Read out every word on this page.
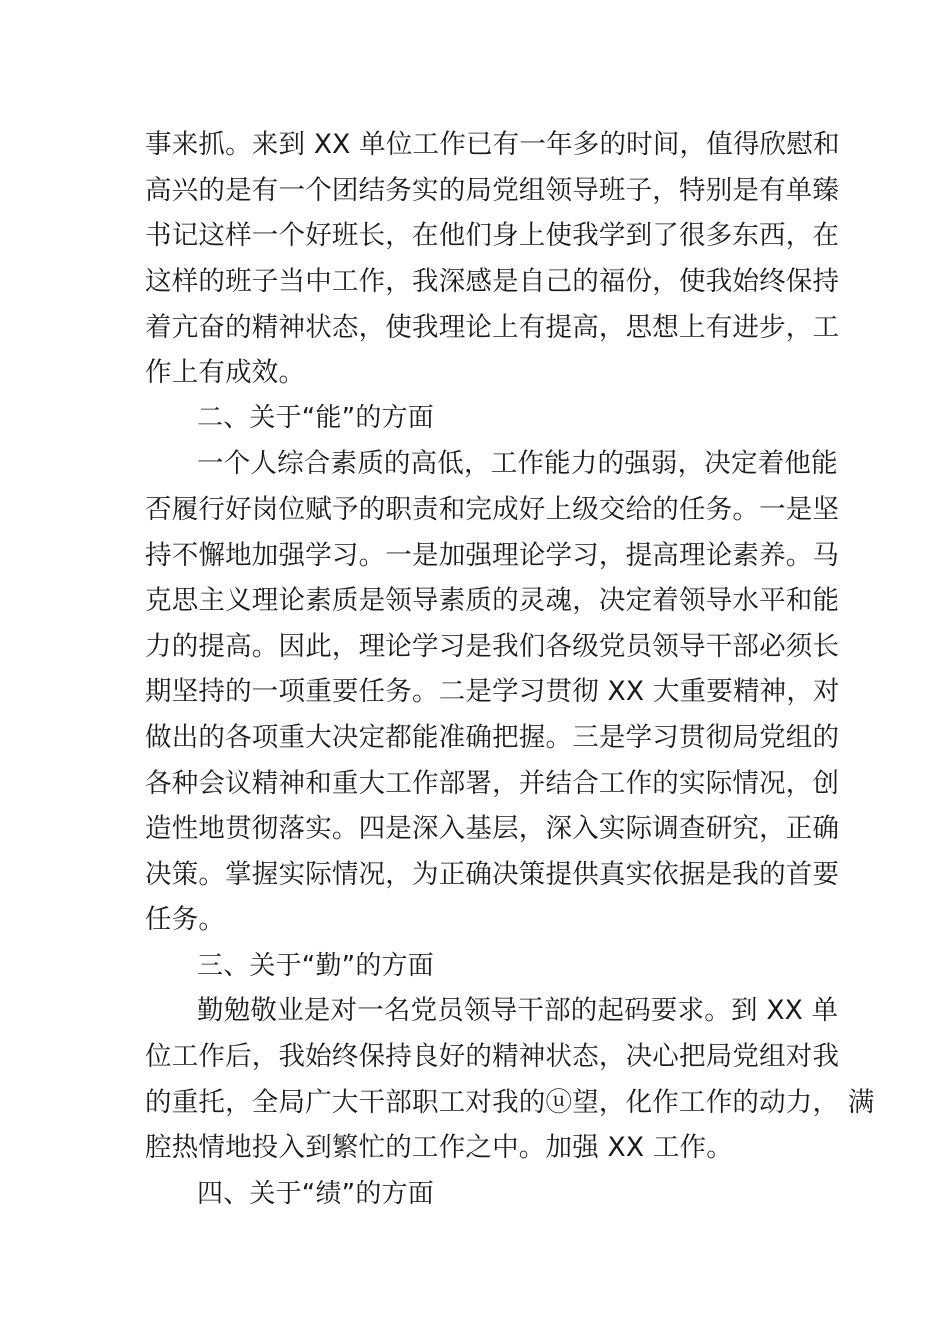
事来抓。来到 XX 单位工作已有一年多的时间，值得欣慰和
高兴的是有一个团结务实的局党组领导班子，特别是有单臻
书记这样一个好班长，在他们身上使我学到了很多东西，在
这样的班子当中工作，我深感是自己的福份，使我始终保持
着亢奋的精神状态，使我理论上有提高，思想上有进步，工
作上有成效。
二、关于“能”的方面
一个人综合素质的高低，工作能力的强弱，决定着他能
否履行好岗位赋予的职责和完成好上级交给的任务。一是坚
持不懈地加强学习。一是加强理论学习，提高理论素养。马
克思主义理论素质是领导素质的灵魂，决定着领导水平和能
力的提高。因此，理论学习是我们各级党员领导干部必须长
期坚持的一项重要任务。二是学习贯彻 XX 大重要精神，对
做出的各项重大决定都能准确把握。三是学习贯彻局党组的
各种会议精神和重大工作部署，并结合工作的实际情况，创
造性地贯彻落实。四是深入基层，深入实际调查研究，正确
决策。掌握实际情况，为正确决策提供真实依据是我的首要
任务。
三、关于“勤”的方面
勤勉敬业是对一名党员领导干部的起码要求。到 XX 单
位工作后，我始终保持良好的精神状态，决心把局党组对我
的重托，全局广大干部职工对我的ⓤ望，化作工作的动力， 满
腔热情地投入到繁忙的工作之中。加强 XX 工作。
四、关于“绩”的方面
